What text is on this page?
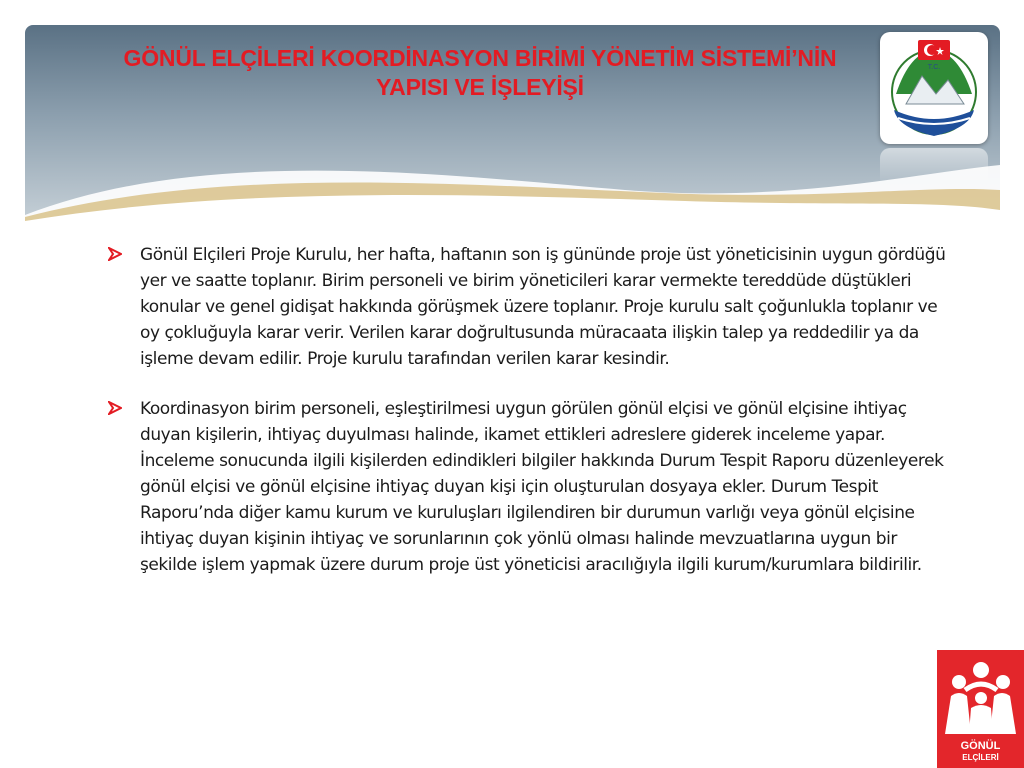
GÖNÜL ELÇİLERİ KOORDİNASYON BİRİMİ YÖNETİM SİSTEMİ’NİN YAPISI VE İŞLEYİŞİ
T.C.
Gönül Elçileri Proje Kurulu, her hafta, haftanın son iş gününde proje üst yöneticisinin uygun gördüğü yer ve saatte toplanır. Birim personeli ve birim yöneticileri karar vermekte tereddüde düştükleri konular ve genel gidişat hakkında görüşmek üzere toplanır. Proje kurulu salt çoğunlukla toplanır ve oy çokluğuyla karar verir. Verilen karar doğrultusunda müracaata ilişkin talep ya reddedilir ya da işleme devam edilir. Proje kurulu tarafından verilen karar kesindir.
Koordinasyon birim personeli, eşleştirilmesi uygun görülen gönül elçisi ve gönül elçisine ihtiyaç duyan kişilerin, ihtiyaç duyulması halinde, ikamet ettikleri adreslere giderek inceleme yapar. İnceleme sonucunda ilgili kişilerden edindikleri bilgiler hakkında Durum Tespit Raporu düzenleyerek gönül elçisi ve gönül elçisine ihtiyaç duyan kişi için oluşturulan dosyaya ekler. Durum Tespit Raporu’nda diğer kamu kurum ve kuruluşları ilgilendiren bir durumun varlığı veya gönül elçisine ihtiyaç duyan kişinin ihtiyaç ve sorunlarının çok yönlü olması halinde mevzuatlarına uygun bir şekilde işlem yapmak üzere durum proje üst yöneticisi aracılığıyla ilgili kurum/kurumlara bildirilir.
GÖNÜL
ELÇİLERİ
